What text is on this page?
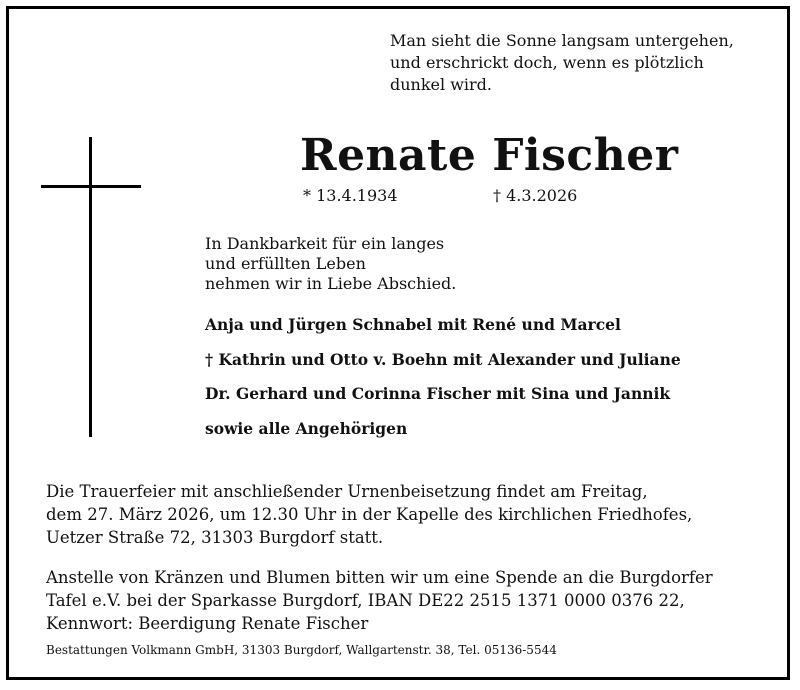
Man sieht die Sonne langsam untergehen,
und erschrickt doch, wenn es plötzlich
dunkel wird.
Renate Fischer
* 13.4.1934	† 4.3.2026
In Dankbarkeit für ein langes
und erfüllten Leben
nehmen wir in Liebe Abschied.
Anja und Jürgen Schnabel mit René und Marcel
† Kathrin und Otto v. Boehn mit Alexander und Juliane
Dr. Gerhard und Corinna Fischer mit Sina und Jannik
sowie alle Angehörigen
Die Trauerfeier mit anschließender Urnenbeisetzung findet am Freitag,
dem 27. März 2026, um 12.30 Uhr in der Kapelle des kirchlichen Friedhofes,
Uetzer Straße 72, 31303 Burgdorf statt.
Anstelle von Kränzen und Blumen bitten wir um eine Spende an die Burgdorfer
Tafel e.V. bei der Sparkasse Burgdorf, IBAN DE22 2515 1371 0000 0376 22,
Kennwort: Beerdigung Renate Fischer
Bestattungen Volkmann GmbH, 31303 Burgdorf, Wallgartenstr. 38, Tel. 05136-5544
